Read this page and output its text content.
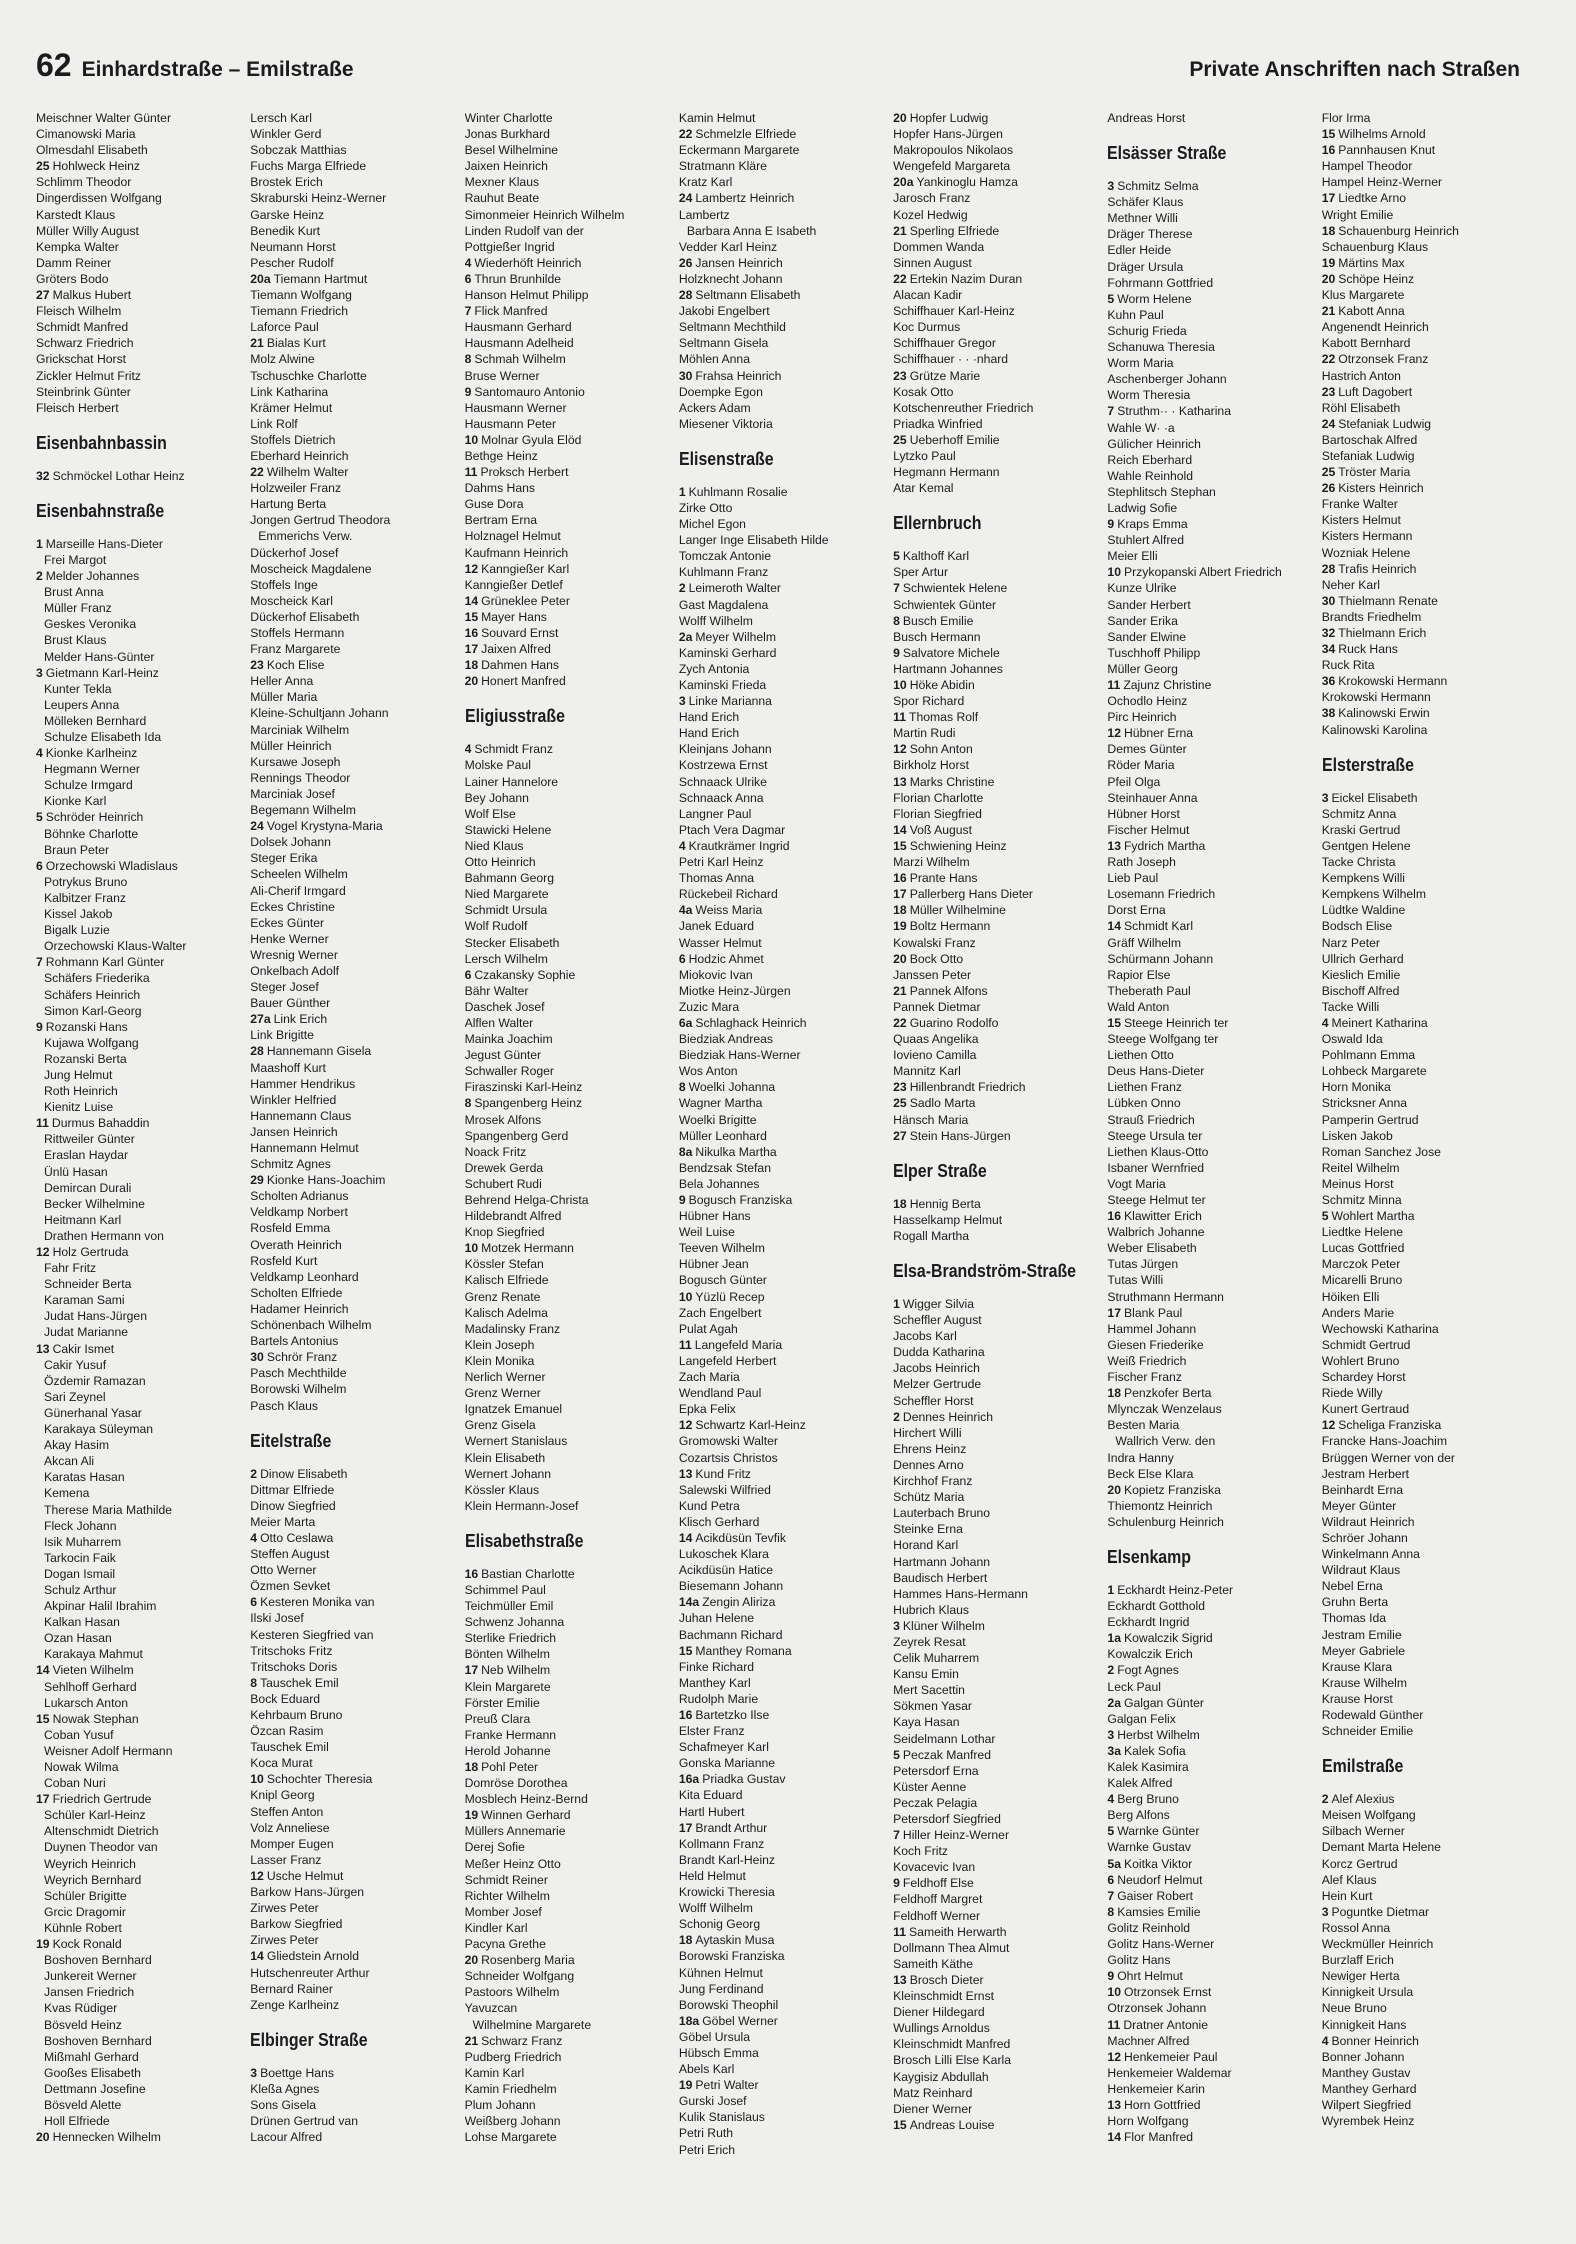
62 Einhardstraße – Emilstraße	Private Anschriften nach Straßen
Meischner Walter Günter
Cimanowski Maria
Olmesdahl Elisabeth
25 Hohlweck Heinz
Schlimm Theodor
Dingerdissen Wolfgang
Karstedt Klaus
Müller Willy August
Kempka Walter
Damm Reiner
Gröters Bodo
27 Malkus Hubert
Fleisch Wilhelm
Schmidt Manfred
Schwarz Friedrich
Grickschat Horst
Zickler Helmut Fritz
Steinbrink Günter
Fleisch Herbert
Eisenbahnbassin
32 Schmöckel Lothar Heinz
Eisenbahnstraße
1 Marseille Hans-Dieter
Frei Margot
2 Melder Johannes
Brust Anna
Müller Franz
Geskes Veronika
Brust Klaus
Melder Hans-Günter
3 Gietmann Karl-Heinz
Kunter Tekla
Leupers Anna
Mölleken Bernhard
Schulze Elisabeth Ida
4 Kionke Karlheinz
Hegmann Werner
Schulze Irmgard
Kionke Karl
5 Schröder Heinrich
Böhnke Charlotte
Braun Peter
6 Orzechowski Wladislaus
Potrykus Bruno
Kalbitzer Franz
Kissel Jakob
Bigalk Luzie
Orzechowski Klaus-Walter
7 Rohmann Karl Günter
Schäfers Friederika
Schäfers Heinrich
Simon Karl-Georg
9 Rozanski Hans
Kujawa Wolfgang
Rozanski Berta
Jung Helmut
Roth Heinrich
Kienitz Luise
11 Durmus Bahaddin
Rittweiler Günter
Eraslan Haydar
Ünlü Hasan
Demircan Durali
Becker Wilhelmine
Heitmann Karl
Drathen Hermann von
12 Holz Gertruda
Fahr Fritz
Schneider Berta
Karaman Sami
Judat Hans-Jürgen
Judat Marianne
13 Cakir Ismet
Cakir Yusuf
Özdemir Ramazan
Sari Zeynel
Günerhanal Yasar
Karakaya Süleyman
Akay Hasim
Akcan Ali
Karatas Hasan
Kemena
Therese Maria Mathilde
Fleck Johann
Isik Muharrem
Tarkocin Faik
Dogan Ismail
Schulz Arthur
Akpinar Halil Ibrahim
Kalkan Hasan
Ozan Hasan
Karakaya Mahmut
14 Vieten Wilhelm
Sehlhoff Gerhard
Lukarsch Anton
15 Nowak Stephan
Coban Yusuf
Weisner Adolf Hermann
Nowak Wilma
Coban Nuri
17 Friedrich Gertrude
Schüler Karl-Heinz
Altenschmidt Dietrich
Duynen Theodor van
Weyrich Heinrich
Weyrich Bernhard
Schüler Brigitte
Grcic Dragomir
Kühnle Robert
19 Kock Ronald
Boshoven Bernhard
Junkereit Werner
Jansen Friedrich
Kvas Rüdiger
Bösveld Heinz
Boshoven Bernhard
Mißmahl Gerhard
Gooßes Elisabeth
Dettmann Josefine
Bösveld Alette
Holl Elfriede
20 Hennecken Wilhelm
Lersch Karl
Winkler Gerd
Sobczak Matthias
Fuchs Marga Elfriede
Brostek Erich
Skraburski Heinz-Werner
Garske Heinz
Benedik Kurt
Neumann Horst
Pescher Rudolf
20a Tiemann Hartmut
Tiemann Wolfgang
Tiemann Friedrich
Laforce Paul
21 Bialas Kurt
Molz Alwine
Tschuschke Charlotte
Link Katharina
Krämer Helmut
Link Rolf
Stoffels Dietrich
Eberhard Heinrich
22 Wilhelm Walter
Holzweiler Franz
Hartung Berta
Jongen Gertrud Theodora
Emmerichs Verw.
Dückerhof Josef
Moscheick Magdalene
Stoffels Inge
Moscheick Karl
Dückerhof Elisabeth
Stoffels Hermann
Franz Margarete
23 Koch Elise
Heller Anna
Müller Maria
Kleine-Schultjann Johann
Marciniak Wilhelm
Müller Heinrich
Kursawe Joseph
Rennings Theodor
Marciniak Josef
Begemann Wilhelm
24 Vogel Krystyna-Maria
Dolsek Johann
Steger Erika
Scheelen Wilhelm
Ali-Cherif Irmgard
Eckes Christine
Eckes Günter
Henke Werner
Wresnig Werner
Onkelbach Adolf
Steger Josef
Bauer Günther
27a Link Erich
Link Brigitte
28 Hannemann Gisela
Maashoff Kurt
Hammer Hendrikus
Winkler Helfried
Hannemann Claus
Jansen Heinrich
Hannemann Helmut
Schmitz Agnes
29 Kionke Hans-Joachim
Scholten Adrianus
Veldkamp Norbert
Rosfeld Emma
Overath Heinrich
Rosfeld Kurt
Veldkamp Leonhard
Scholten Elfriede
Hadamer Heinrich
Schönenbach Wilhelm
Bartels Antonius
30 Schrör Franz
Pasch Mechthilde
Borowski Wilhelm
Pasch Klaus
Eitelstraße
2 Dinow Elisabeth
Dittmar Elfriede
Dinow Siegfried
Meier Marta
4 Otto Ceslawa
Steffen August
Otto Werner
Özmen Sevket
6 Kesteren Monika van
Ilski Josef
Kesteren Siegfried van
Tritschoks Fritz
Tritschoks Doris
8 Tauschek Emil
Bock Eduard
Kehrbaum Bruno
Özcan Rasim
Tauschek Emil
Koca Murat
10 Schochter Theresia
Knipl Georg
Steffen Anton
Volz Anneliese
Momper Eugen
Lasser Franz
12 Usche Helmut
Barkow Hans-Jürgen
Zirwes Peter
Barkow Siegfried
Zirwes Peter
14 Gliedstein Arnold
Hutschenreuter Arthur
Bernard Rainer
Zenge Karlheinz
Elbinger Straße
3 Boettge Hans
Kleßa Agnes
Sons Gisela
Drünen Gertrud van
Lacour Alfred
Winter Charlotte
Jonas Burkhard
Besel Wilhelmine
Jaixen Heinrich
Mexner Klaus
Rauhut Beate
Simonmeier Heinrich Wilhelm
Linden Rudolf van der
Pottgießer Ingrid
4 Wiederhöft Heinrich
6 Thrun Brunhilde
Hanson Helmut Philipp
7 Flick Manfred
Hausmann Gerhard
Hausmann Adelheid
8 Schmah Wilhelm
Bruse Werner
9 Santomauro Antonio
Hausmann Werner
Hausmann Peter
10 Molnar Gyula Elöd
Bethge Heinz
11 Proksch Herbert
Dahms Hans
Guse Dora
Bertram Erna
Holznagel Helmut
Kaufmann Heinrich
12 Kanngießer Karl
Kanngießer Detlef
14 Grüneklee Peter
15 Mayer Hans
16 Souvard Ernst
17 Jaixen Alfred
18 Dahmen Hans
20 Honert Manfred
Eligiusstraße
4 Schmidt Franz
Molske Paul
Lainer Hannelore
Bey Johann
Wolf Else
Stawicki Helene
Nied Klaus
Otto Heinrich
Bahmann Georg
Nied Margarete
Schmidt Ursula
Wolf Rudolf
Stecker Elisabeth
Lersch Wilhelm
6 Czakansky Sophie
Bähr Walter
Daschek Josef
Alflen Walter
Mainka Joachim
Jegust Günter
Schwaller Roger
Firaszinski Karl-Heinz
8 Spangenberg Heinz
Mrosek Alfons
Spangenberg Gerd
Noack Fritz
Drewek Gerda
Schubert Rudi
Behrend Helga-Christa
Hildebrandt Alfred
Knop Siegfried
10 Motzek Hermann
Kössler Stefan
Kalisch Elfriede
Grenz Renate
Kalisch Adelma
Madalinsky Franz
Klein Joseph
Klein Monika
Nerlich Werner
Grenz Werner
Ignatzek Emanuel
Grenz Gisela
Wernert Stanislaus
Klein Elisabeth
Wernert Johann
Kössler Klaus
Klein Hermann-Josef
Elisabethstraße
16 Bastian Charlotte
Schimmel Paul
Teichmüller Emil
Schwenz Johanna
Sterlike Friedrich
Bönten Wilhelm
17 Neb Wilhelm
Klein Margarete
Förster Emilie
Preuß Clara
Franke Hermann
Herold Johanne
18 Pohl Peter
Domröse Dorothea
Mosblech Heinz-Bernd
19 Winnen Gerhard
Müllers Annemarie
Derej Sofie
Meßer Heinz Otto
Schmidt Reiner
Richter Wilhelm
Momber Josef
Kindler Karl
Pacyna Grethe
20 Rosenberg Maria
Schneider Wolfgang
Pastoors Wilhelm
Yavuzcan
Wilhelmine Margarete
21 Schwarz Franz
Pudberg Friedrich
Kamin Karl
Kamin Friedhelm
Plum Johann
Weißberg Johann
Lohse Margarete
Kamin Helmut
22 Schmelzle Elfriede
Eckermann Margarete
Stratmann Kläre
Kratz Karl
24 Lambertz Heinrich
Lambertz
Barbara Anna E Isabeth
Vedder Karl Heinz
26 Jansen Heinrich
Holzknecht Johann
28 Seltmann Elisabeth
Jakobi Engelbert
Seltmann Mechthild
Seltmann Gisela
Möhlen Anna
30 Frahsa Heinrich
Doempke Egon
Ackers Adam
Miesener Viktoria
Elisenstraße
1 Kuhlmann Rosalie
Zirke Otto
Michel Egon
Langer Inge Elisabeth Hilde
Tomczak Antonie
Kuhlmann Franz
2 Leimeroth Walter
Gast Magdalena
Wolff Wilhelm
2a Meyer Wilhelm
Kaminski Gerhard
Zych Antonia
Kaminski Frieda
3 Linke Marianna
Hand Erich
Hand Erich
Kleinjans Johann
Kostrzewa Ernst
Schnaack Ulrike
Schnaack Anna
Langner Paul
Ptach Vera Dagmar
4 Krautkrämer Ingrid
Petri Karl Heinz
Thomas Anna
Rückebeil Richard
4a Weiss Maria
Janek Eduard
Wasser Helmut
6 Hodzic Ahmet
Miokovic Ivan
Miotke Heinz-Jürgen
Zuzic Mara
6a Schlaghack Heinrich
Biedziak Andreas
Biedziak Hans-Werner
Wos Anton
8 Woelki Johanna
Wagner Martha
Woelki Brigitte
Müller Leonhard
8a Nikulka Martha
Bendzsak Stefan
Bela Johannes
9 Bogusch Franziska
Hübner Hans
Weil Luise
Teeven Wilhelm
Hübner Jean
Bogusch Günter
10 Yüzlü Recep
Zach Engelbert
Pulat Agah
11 Langefeld Maria
Langefeld Herbert
Zach Maria
Wendland Paul
Epka Felix
12 Schwartz Karl-Heinz
Gromowski Walter
Cozartsis Christos
13 Kund Fritz
Salewski Wilfried
Kund Petra
Klisch Gerhard
14 Acikdüsün Tevfik
Lukoschek Klara
Acikdüsün Hatice
Biesemann Johann
14a Zengin Aliriza
Juhan Helene
Bachmann Richard
15 Manthey Romana
Finke Richard
Manthey Karl
Rudolph Marie
16 Bartetzko Ilse
Elster Franz
Schafmeyer Karl
Gonska Marianne
16a Priadka Gustav
Kita Eduard
Hartl Hubert
17 Brandt Arthur
Kollmann Franz
Brandt Karl-Heinz
Held Helmut
Krowicki Theresia
Wolff Wilhelm
Schonig Georg
18 Aytaskin Musa
Borowski Franziska
Kühnen Helmut
Jung Ferdinand
Borowski Theophil
18a Göbel Werner
Göbel Ursula
Hübsch Emma
Abels Karl
19 Petri Walter
Gurski Josef
Kulik Stanislaus
Petri Ruth
Petri Erich
20 Hopfer Ludwig
Hopfer Hans-Jürgen
Makropoulos Nikolaos
Wengefeld Margareta
20a Yankinoglu Hamza
Jarosch Franz
Kozel Hedwig
21 Sperling Elfriede
Dommen Wanda
Sinnen August
22 Ertekin Nazim Duran
Alacan Kadir
Schiffhauer Karl-Heinz
Koc Durmus
Schiffhauer Gregor
Schiffhauer · · ·nhard
23 Grütze Marie
Kosak Otto
Kotschenreuther Friedrich
Priadka Winfried
25 Ueberhoff Emilie
Lytzko Paul
Hegmann Hermann
Atar Kemal
Ellernbruch
5 Kalthoff Karl
Sper Artur
7 Schwientek Helene
Schwientek Günter
8 Busch Emilie
Busch Hermann
9 Salvatore Michele
Hartmann Johannes
10 Höke Abidin
Spor Richard
11 Thomas Rolf
Martin Rudi
12 Sohn Anton
Birkholz Horst
13 Marks Christine
Florian Charlotte
Florian Siegfried
14 Voß August
15 Schwiening Heinz
Marzi Wilhelm
16 Prante Hans
17 Pallerberg Hans Dieter
18 Müller Wilhelmine
19 Boltz Hermann
Kowalski Franz
20 Bock Otto
Janssen Peter
21 Pannek Alfons
Pannek Dietmar
22 Guarino Rodolfo
Quaas Angelika
Iovieno Camilla
Mannitz Karl
23 Hillenbrandt Friedrich
25 Sadlo Marta
Hänsch Maria
27 Stein Hans-Jürgen
Elper Straße
18 Hennig Berta
Hasselkamp Helmut
Rogall Martha
Elsa-Brandström-Straße
1 Wigger Silvia
Scheffler August
Jacobs Karl
Dudda Katharina
Jacobs Heinrich
Melzer Gertrude
Scheffler Horst
2 Dennes Heinrich
Hirchert Willi
Ehrens Heinz
Dennes Arno
Kirchhof Franz
Schütz Maria
Lauterbach Bruno
Steinke Erna
Horand Karl
Hartmann Johann
Baudisch Herbert
Hammes Hans-Hermann
Hubrich Klaus
3 Klüner Wilhelm
Zeyrek Resat
Celik Muharrem
Kansu Emin
Mert Sacettin
Sökmen Yasar
Kaya Hasan
Seidelmann Lothar
5 Peczak Manfred
Petersdorf Erna
Küster Aenne
Peczak Pelagia
Petersdorf Siegfried
7 Hiller Heinz-Werner
Koch Fritz
Kovacevic Ivan
9 Feldhoff Else
Feldhoff Margret
Feldhoff Werner
11 Sameith Herwarth
Dollmann Thea Almut
Sameith Käthe
13 Brosch Dieter
Kleinschmidt Ernst
Diener Hildegard
Wullings Arnoldus
Kleinschmidt Manfred
Brosch Lilli Else Karla
Kaygisiz Abdullah
Matz Reinhard
Diener Werner
15 Andreas Louise
Andreas Horst
Elsässer Straße
3 Schmitz Selma
Schäfer Klaus
Methner Willi
Dräger Therese
Edler Heide
Dräger Ursula
Fohrmann Gottfried
5 Worm Helene
Kuhn Paul
Schurig Frieda
Schanuwa Theresia
Worm Maria
Aschenberger Johann
Worm Theresia
7 Struthm·· · Katharina
Wahle W· ·a
Gülicher Heinrich
Reich Eberhard
Wahle Reinhold
Stephlitsch Stephan
Ladwig Sofie
9 Kraps Emma
Stuhlert Alfred
Meier Elli
10 Przykopanski Albert Friedrich
Kunze Ulrike
Sander Herbert
Sander Erika
Sander Elwine
Tuschhoff Philipp
Müller Georg
11 Zajunz Christine
Ochodlo Heinz
Pirc Heinrich
12 Hübner Erna
Demes Günter
Röder Maria
Pfeil Olga
Steinhauer Anna
Hübner Horst
Fischer Helmut
13 Fydrich Martha
Rath Joseph
Lieb Paul
Losemann Friedrich
Dorst Erna
14 Schmidt Karl
Gräff Wilhelm
Schürmann Johann
Rapior Else
Theberath Paul
Wald Anton
15 Steege Heinrich ter
Steege Wolfgang ter
Liethen Otto
Deus Hans-Dieter
Liethen Franz
Lübken Onno
Strauß Friedrich
Steege Ursula ter
Liethen Klaus-Otto
Isbaner Wernfried
Vogt Maria
Steege Helmut ter
16 Klawitter Erich
Walbrich Johanne
Weber Elisabeth
Tutas Jürgen
Tutas Willi
Struthmann Hermann
17 Blank Paul
Hammel Johann
Giesen Friederike
Weiß Friedrich
Fischer Franz
18 Penzkofer Berta
Mlynczak Wenzelaus
Besten Maria
Wallrich Verw. den
Indra Hanny
Beck Else Klara
20 Kopietz Franziska
Thiemontz Heinrich
Schulenburg Heinrich
Elsenkamp
1 Eckhardt Heinz-Peter
Eckhardt Gotthold
Eckhardt Ingrid
1a Kowalczik Sigrid
Kowalczik Erich
2 Fogt Agnes
Leck Paul
2a Galgan Günter
Galgan Felix
3 Herbst Wilhelm
3a Kalek Sofia
Kalek Kasimira
Kalek Alfred
4 Berg Bruno
Berg Alfons
5 Warnke Günter
Warnke Gustav
5a Koitka Viktor
6 Neudorf Helmut
7 Gaiser Robert
8 Kamsies Emilie
Golitz Reinhold
Golitz Hans-Werner
Golitz Hans
9 Ohrt Helmut
10 Otrzonsek Ernst
Otrzonsek Johann
11 Dratner Antonie
Machner Alfred
12 Henkemeier Paul
Henkemeier Waldemar
Henkemeier Karin
13 Horn Gottfried
Horn Wolfgang
14 Flor Manfred
Flor Irma
15 Wilhelms Arnold
16 Pannhausen Knut
Hampel Theodor
Hampel Heinz-Werner
17 Liedtke Arno
Wright Emilie
18 Schauenburg Heinrich
Schauenburg Klaus
19 Märtins Max
20 Schöpe Heinz
Klus Margarete
21 Kabott Anna
Angenendt Heinrich
Kabott Bernhard
22 Otrzonsek Franz
Hastrich Anton
23 Luft Dagobert
Röhl Elisabeth
24 Stefaniak Ludwig
Bartoschak Alfred
Stefaniak Ludwig
25 Tröster Maria
26 Kisters Heinrich
Franke Walter
Kisters Helmut
Kisters Hermann
Wozniak Helene
28 Trafis Heinrich
Neher Karl
30 Thielmann Renate
Brandts Friedhelm
32 Thielmann Erich
34 Ruck Hans
Ruck Rita
36 Krokowski Hermann
Krokowski Hermann
38 Kalinowski Erwin
Kalinowski Karolina
Elsterstraße
3 Eickel Elisabeth
Schmitz Anna
Kraski Gertrud
Gentgen Helene
Tacke Christa
Kempkens Willi
Kempkens Wilhelm
Lüdtke Waldine
Bodsch Elise
Narz Peter
Ullrich Gerhard
Kieslich Emilie
Bischoff Alfred
Tacke Willi
4 Meinert Katharina
Oswald Ida
Pohlmann Emma
Lohbeck Margarete
Horn Monika
Stricksner Anna
Pamperin Gertrud
Lisken Jakob
Roman Sanchez Jose
Reitel Wilhelm
Meinus Horst
Schmitz Minna
5 Wohlert Martha
Liedtke Helene
Lucas Gottfried
Marczok Peter
Micarelli Bruno
Höiken Elli
Anders Marie
Wechowski Katharina
Schmidt Gertrud
Wohlert Bruno
Schardey Horst
Riede Willy
Kunert Gertraud
12 Scheliga Franziska
Francke Hans-Joachim
Brüggen Werner von der
Jestram Herbert
Beinhardt Erna
Meyer Günter
Wildraut Heinrich
Schröer Johann
Winkelmann Anna
Wildraut Klaus
Nebel Erna
Gruhn Berta
Thomas Ida
Jestram Emilie
Meyer Gabriele
Krause Klara
Krause Wilhelm
Krause Horst
Rodewald Günther
Schneider Emilie
Emilstraße
2 Alef Alexius
Meisen Wolfgang
Silbach Werner
Demant Marta Helene
Korcz Gertrud
Alef Klaus
Hein Kurt
3 Poguntke Dietmar
Rossol Anna
Weckmüller Heinrich
Burzlaff Erich
Newiger Herta
Kinnigkeit Ursula
Neue Bruno
Kinnigkeit Hans
4 Bonner Heinrich
Bonner Johann
Manthey Gustav
Manthey Gerhard
Wilpert Siegfried
Wyrembek Heinz
